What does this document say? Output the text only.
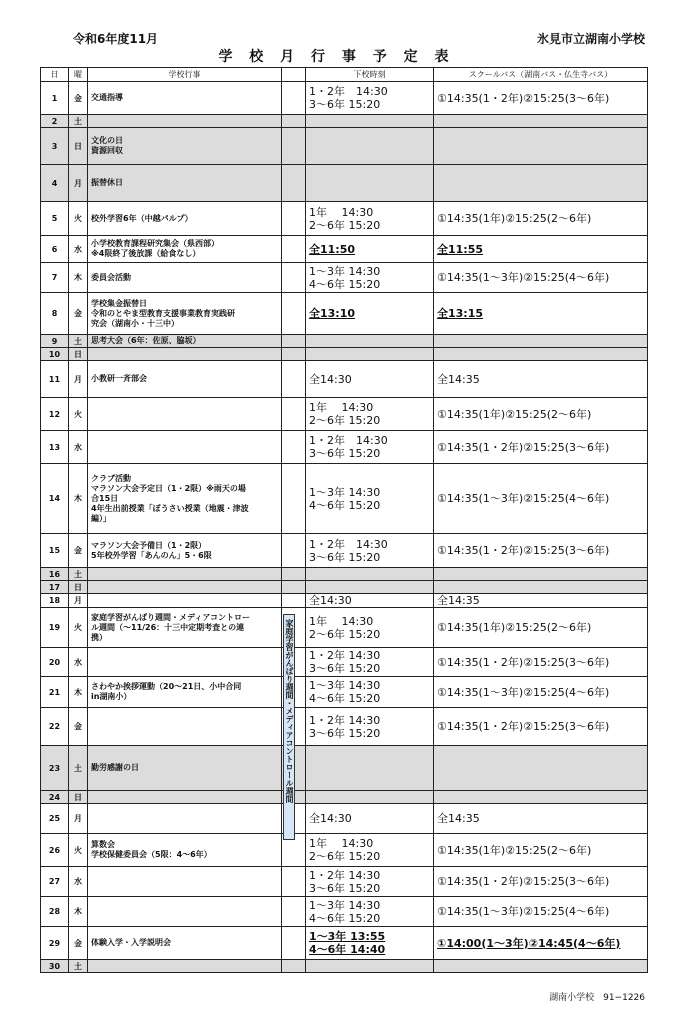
令和6年度11月	氷見市立湖南小学校
学 校 月 行 事 予 定 表
日	曜	学校行事		下校時刻	スクールバス（湖南バス・仏生寺バス）
1	金	交通指導		1・2年　14:30
3〜6年 15:20	①14:35(1・2年)②15:25(3〜6年)
2	土				
3	日	文化の日
資源回収			
4	月	振替休日			
5	火	校外学習6年（中越パルプ）		1年　 14:30
2〜6年 15:20	①14:35(1年)②15:25(2〜6年)
6	水	小学校教育課程研究集会（県西部）
※4限終了後放課（給食なし）		全11:50	全11:55
7	木	委員会活動		1〜3年 14:30
4〜6年 15:20	①14:35(1〜3年)②15:25(4〜6年)
8	金	学校集金振替日
令和のとやま型教育支援事業教育実践研
究会（湖南小・十三中）		全13:10	全13:15
9	土	思考大会（6年：佐原、脇坂）			
10	日				
11	月	小教研一斉部会		全14:30	全14:35
12	火			1年　 14:30
2〜6年 15:20	①14:35(1年)②15:25(2〜6年)
13	水			1・2年　14:30
3〜6年 15:20	①14:35(1・2年)②15:25(3〜6年)
14	木	クラブ活動
マラソン大会予定日（1・2限）※雨天の場
合15日
4年生出前授業「ぼうさい授業（地震・津波
編）」		1〜3年 14:30
4〜6年 15:20	①14:35(1〜3年)②15:25(4〜6年)
15	金	マラソン大会予備日（1・2限）
5年校外学習「あんのん」5・6限		1・2年　14:30
3〜6年 15:20	①14:35(1・2年)②15:25(3〜6年)
16	土				
17	日				
18	月			全14:30	全14:35
19	火	家庭学習がんばり週間・メディアコントロー
ル週間（〜11/26：十三中定期考査との連
携）		1年　 14:30
2〜6年 15:20	①14:35(1年)②15:25(2〜6年)
20	水			1・2年 14:30
3〜6年 15:20	①14:35(1・2年)②15:25(3〜6年)
21	木	さわやか挨拶運動（20〜21日、小中合同
in湖南小）		1〜3年 14:30
4〜6年 15:20	①14:35(1〜3年)②15:25(4〜6年)
22	金			1・2年 14:30
3〜6年 15:20	①14:35(1・2年)②15:25(3〜6年)
23	土	勤労感謝の日			
24	日				
25	月			全14:30	全14:35
26	火	算数会
学校保健委員会（5限：4〜6年）		1年　 14:30
2〜6年 15:20	①14:35(1年)②15:25(2〜6年)
27	水			1・2年 14:30
3〜6年 15:20	①14:35(1・2年)②15:25(3〜6年)
28	木			1〜3年 14:30
4〜6年 15:20	①14:35(1〜3年)②15:25(4〜6年)
29	金	体験入学・入学説明会		1〜3年 13:55
4〜6年 14:40	①14:00(1〜3年)②14:45(4〜6年)
30	土				
家庭学習がんばり週間・メディアコントロール週間
湖南小学校　91−1226
